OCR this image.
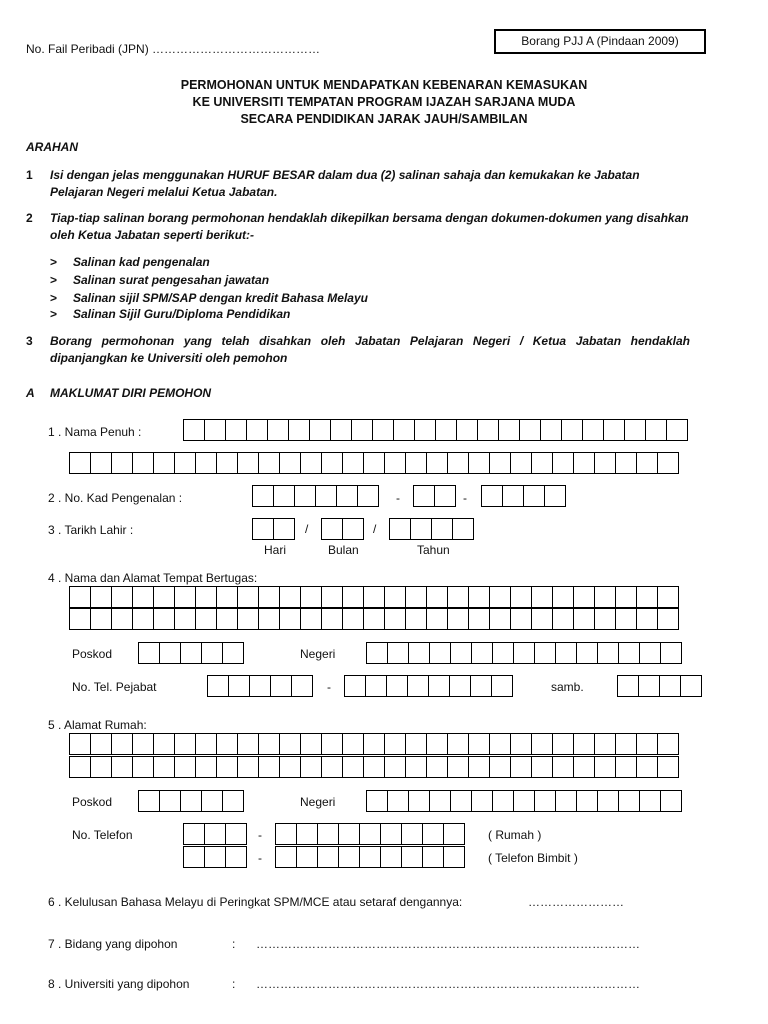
No. Fail Peribadi (JPN) ……………………………………
Borang PJJ A (Pindaan 2009)
PERMOHONAN UNTUK MENDAPATKAN KEBENARAN KEMASUKAN
KE UNIVERSITI TEMPATAN PROGRAM IJAZAH SARJANA MUDA
SECARA PENDIDIKAN JARAK JAUH/SAMBILAN
ARAHAN
1 Isi dengan jelas menggunakan HURUF BESAR dalam dua (2) salinan sahaja dan kemukakan ke Jabatan Pelajaran Negeri melalui Ketua Jabatan.
2 Tiap-tiap salinan borang permohonan hendaklah dikepilkan bersama dengan dokumen-dokumen yang disahkan oleh Ketua Jabatan seperti berikut:-
> Salinan kad pengenalan
> Salinan surat pengesahan jawatan
> Salinan sijil SPM/SAP dengan kredit Bahasa Melayu
> Salinan Sijil Guru/Diploma Pendidikan
3 Borang permohonan yang telah disahkan oleh Jabatan Pelajaran Negeri / Ketua Jabatan hendaklah dipanjangkan ke Universiti oleh pemohon
A MAKLUMAT DIRI PEMOHON
1 . Nama Penuh :
2 . No. Kad Pengenalan :	-	-
3 . Tarikh Lahir :	/	/
Hari	Bulan	Tahun
4 . Nama dan Alamat Tempat Bertugas:
Poskod	Negeri
No. Tel. Pejabat	-	samb.
5 . Alamat Rumah:
Poskod	Negeri
No. Telefon	-	( Rumah )
-	( Telefon Bimbit )
6 . Kelulusan Bahasa Melayu di Peringkat SPM/MCE atau setaraf dengannya:	……………………
7 . Bidang yang dipohon	: ……………………………………………………………………………………
8 . Universiti yang dipohon	: ……………………………………………………………………………………
